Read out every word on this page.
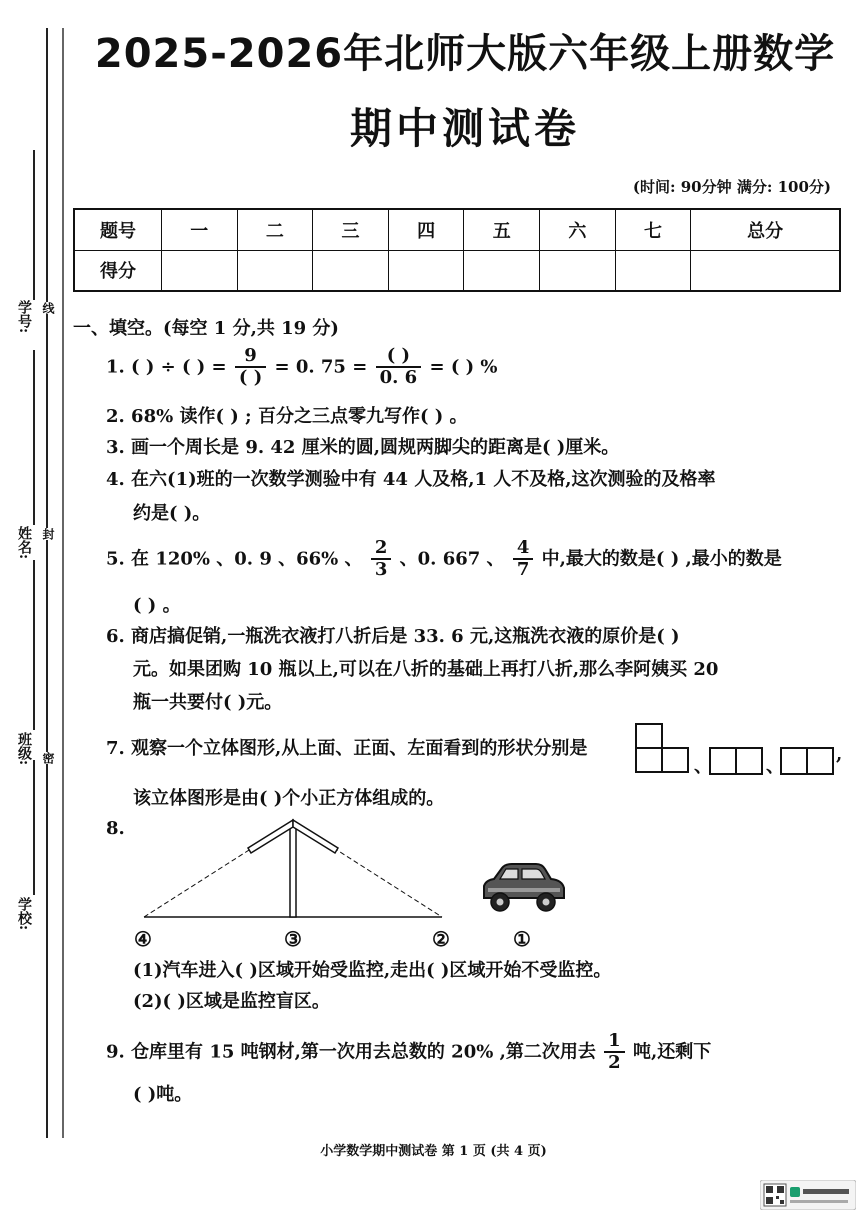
学号:
姓名:
班级:
学校:
线
封
密
2025-2026年北师大版六年级上册数学
期中测试卷
(时间: 90分钟 满分: 100分)
题号	一	二	三	四	五	六	七	总分
得分								
一、填空。(每空 1 分,共 19 分)
1. ( ) ÷ ( ) = $\frac{9}{( )} = 0$. $75 = \frac{( )}{0. 6}$ = ( ) %
2. 68% 读作( ) ; 百分之三点零九写作( ) 。
3. 画一个周长是 9. 42 厘米的圆,圆规两脚尖的距离是( )厘米。
4. 在六(1)班的一次数学测验中有 44 人及格,1 人不及格,这次测验的及格率
约是( )。
5. 在 120% 、0. 9 、66% 、 $\frac{2}{3}$ 、0. 667 、 $\frac{4}{7}$ 中,最大的数是( ) ,最小的数是
( ) 。
6. 商店搞促销,一瓶洗衣液打八折后是 33. 6 元,这瓶洗衣液的原价是( )
元。如果团购 10 瓶以上,可以在八折的基础上再打八折,那么李阿姨买 20
瓶一共要付( )元。
7. 观察一个立体图形,从上面、正面、左面看到的形状分别是
、	、
,
该立体图形是由( )个小正方体组成的。
8.
④	③	②	①
(1)汽车进入( )区域开始受监控,走出( )区域开始不受监控。
(2)( )区域是监控盲区。
9. 仓库里有 15 吨钢材,第一次用去总数的 20% ,第二次用去 $\frac{1}{2}$ 吨,还剩下
( )吨。
小学数学期中测试卷 第 1 页 (共 4 页)
